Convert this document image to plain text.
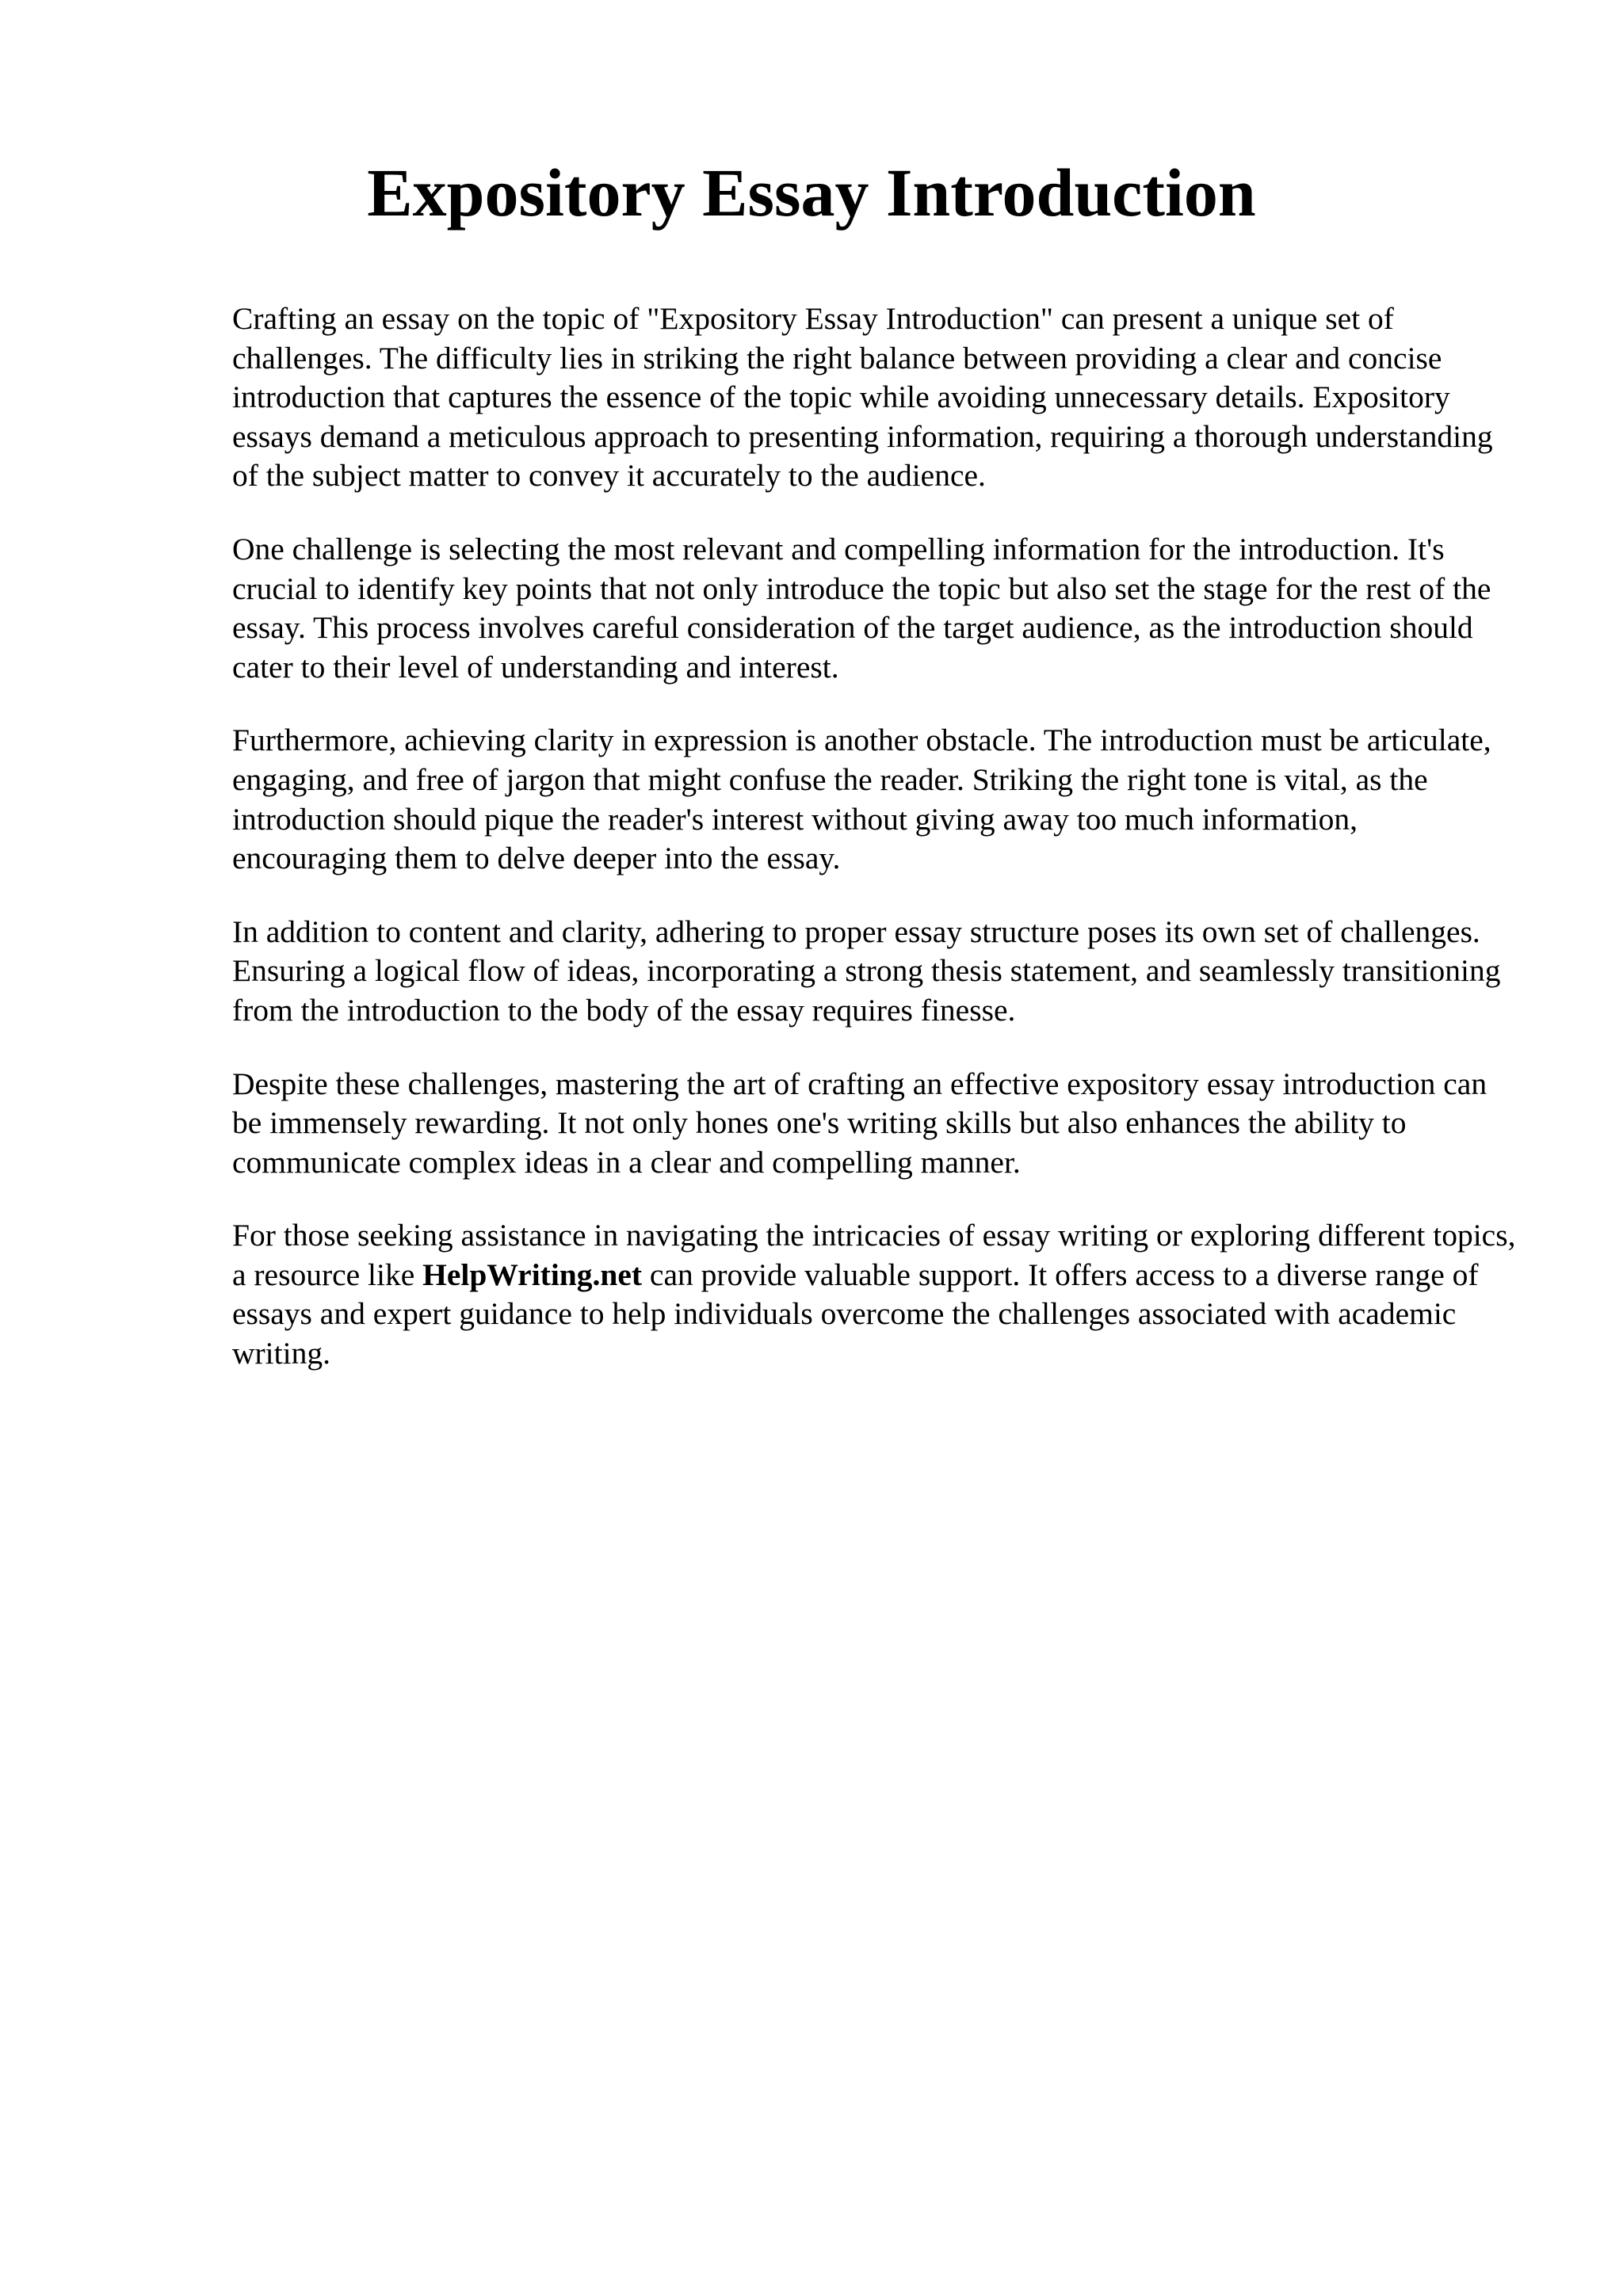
Expository Essay Introduction

Crafting an essay on the topic of "Expository Essay Introduction" can present a unique set of challenges. The difficulty lies in striking the right balance between providing a clear and concise introduction that captures the essence of the topic while avoiding unnecessary details. Expository essays demand a meticulous approach to presenting information, requiring a thorough understanding of the subject matter to convey it accurately to the audience.

One challenge is selecting the most relevant and compelling information for the introduction. It's crucial to identify key points that not only introduce the topic but also set the stage for the rest of the essay. This process involves careful consideration of the target audience, as the introduction should cater to their level of understanding and interest.

Furthermore, achieving clarity in expression is another obstacle. The introduction must be articulate, engaging, and free of jargon that might confuse the reader. Striking the right tone is vital, as the introduction should pique the reader's interest without giving away too much information, encouraging them to delve deeper into the essay.

In addition to content and clarity, adhering to proper essay structure poses its own set of challenges. Ensuring a logical flow of ideas, incorporating a strong thesis statement, and seamlessly transitioning from the introduction to the body of the essay requires finesse.

Despite these challenges, mastering the art of crafting an effective expository essay introduction can be immensely rewarding. It not only hones one's writing skills but also enhances the ability to communicate complex ideas in a clear and compelling manner.

For those seeking assistance in navigating the intricacies of essay writing or exploring different topics, a resource like HelpWriting.net can provide valuable support. It offers access to a diverse range of essays and expert guidance to help individuals overcome the challenges associated with academic writing.
